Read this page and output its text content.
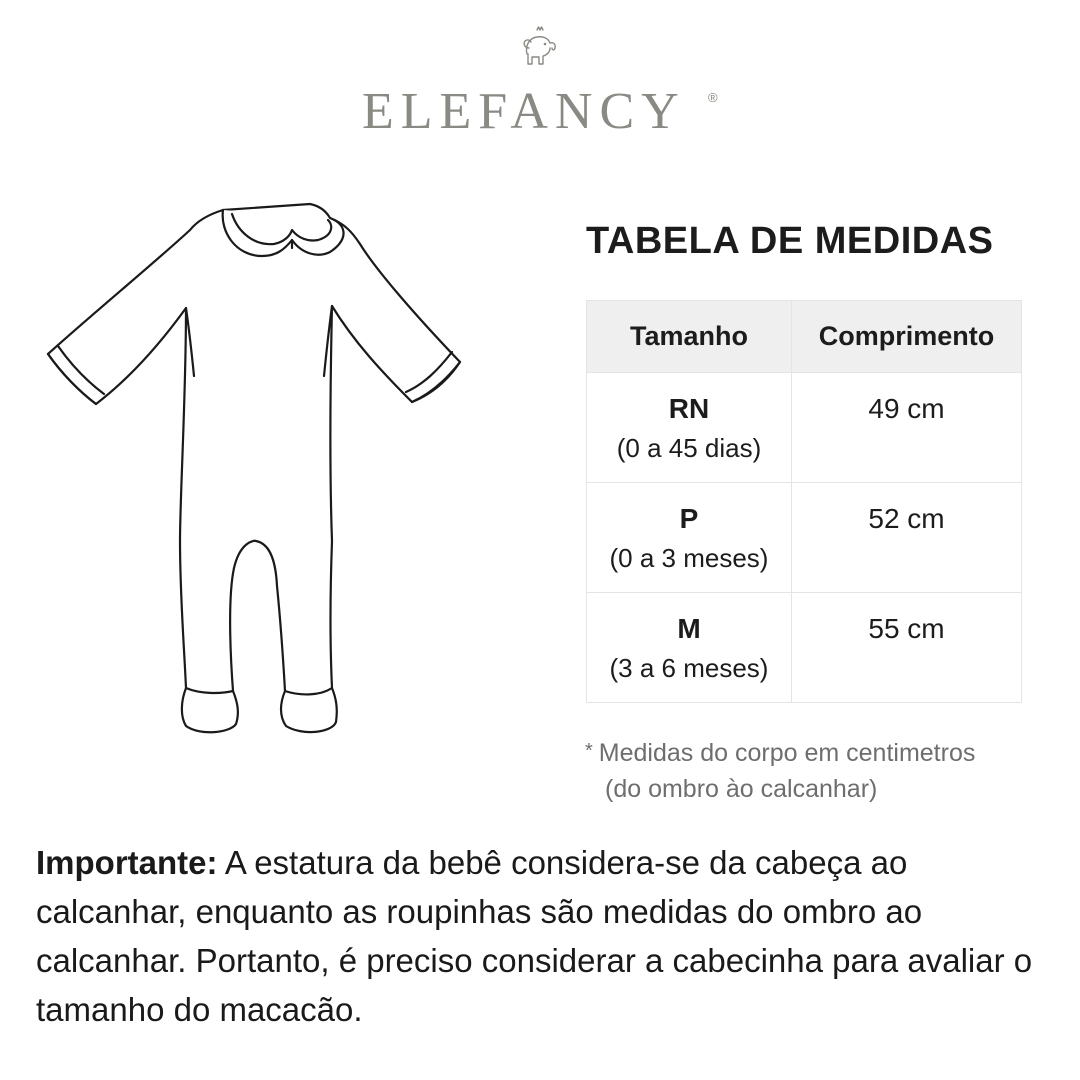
ELEFANCY ®
TABELA DE MEDIDAS
Tamanho	Comprimento

RN
(0 a 45 dias)	49 cm

P
(0 a 3 meses)	52 cm

M
(3 a 6 meses)	55 cm
* Medidas do corpo em centimetros
(do ombro ào calcanhar)

Importante: A estatura da bebê considera-se da cabeça ao calcanhar, enquanto as roupinhas são medidas do ombro ao calcanhar. Portanto, é preciso considerar a cabecinha para avaliar o tamanho do macacão.
